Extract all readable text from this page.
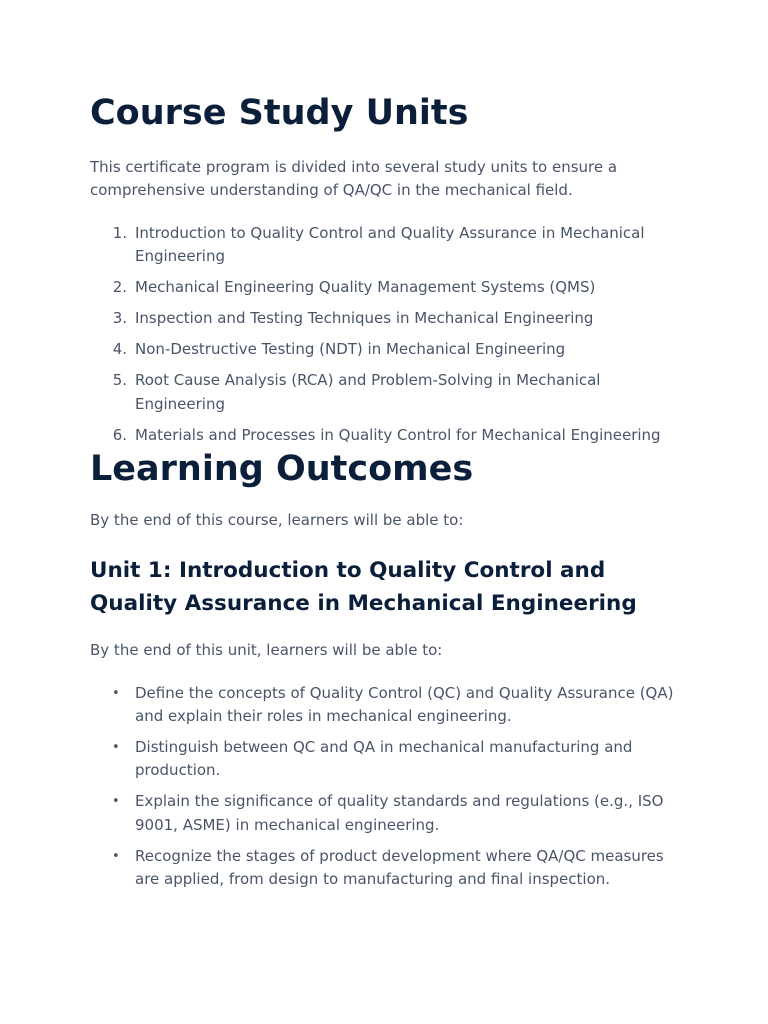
Course Study Units

This certificate program is divided into several study units to ensure a comprehensive understanding of QA/QC in the mechanical field.

1. Introduction to Quality Control and Quality Assurance in Mechanical Engineering
2. Mechanical Engineering Quality Management Systems (QMS)
3. Inspection and Testing Techniques in Mechanical Engineering
4. Non-Destructive Testing (NDT) in Mechanical Engineering
5. Root Cause Analysis (RCA) and Problem-Solving in Mechanical Engineering
6. Materials and Processes in Quality Control for Mechanical Engineering
Learning Outcomes

By the end of this course, learners will be able to:

Unit 1: Introduction to Quality Control and Quality Assurance in Mechanical Engineering

By the end of this unit, learners will be able to:

• Define the concepts of Quality Control (QC) and Quality Assurance (QA) and explain their roles in mechanical engineering.
• Distinguish between QC and QA in mechanical manufacturing and production.
• Explain the significance of quality standards and regulations (e.g., ISO 9001, ASME) in mechanical engineering.
• Recognize the stages of product development where QA/QC measures are applied, from design to manufacturing and final inspection.
